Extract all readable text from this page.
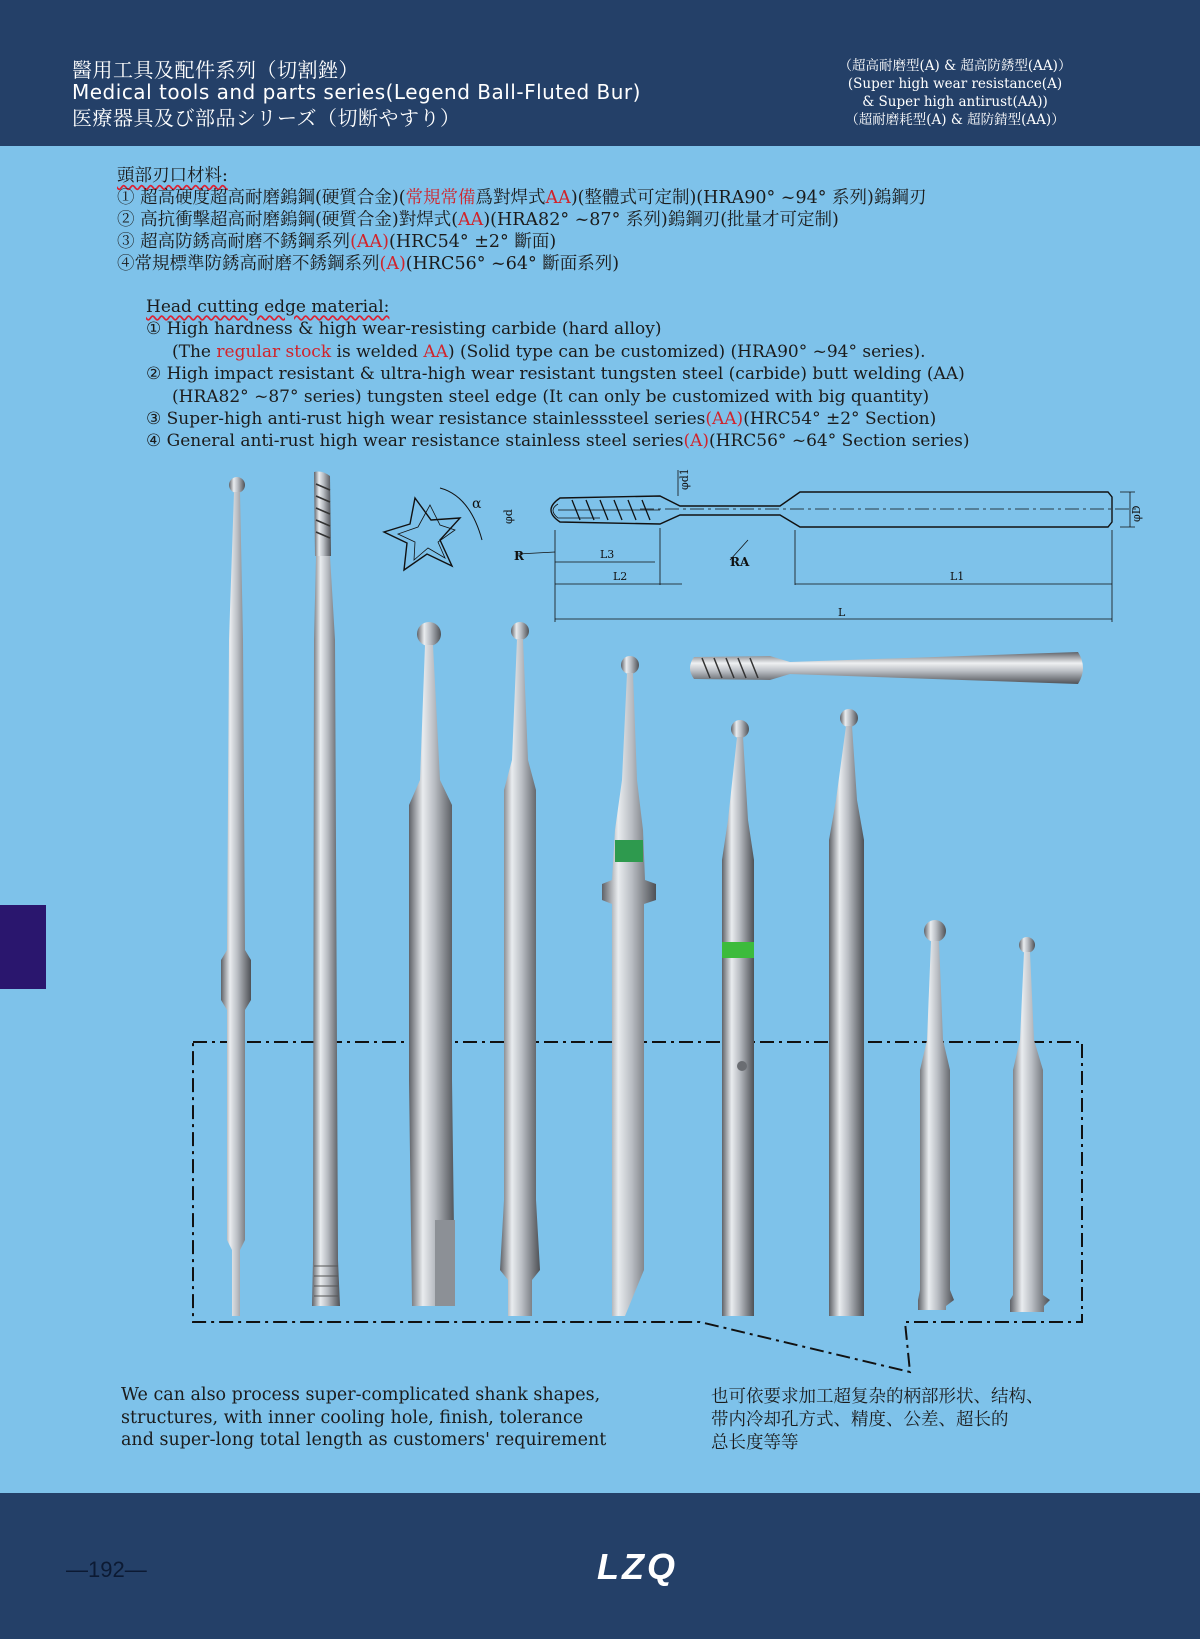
醫用工具及配件系列（切割銼）
Medical tools and parts series(Legend Ball-Fluted Bur)
医療器具及び部品シリーズ（切断やすり）
（超高耐磨型(A) & 超高防銹型(AA)）
(Super high wear resistance(A)
& Super high antirust(AA))
（超耐磨耗型(A) & 超防錆型(AA)）
頭部刃口材料:
① 超高硬度超高耐磨鎢鋼(硬質合金)(常規常備爲對焊式AA)(整體式可定制)(HRA90° ~94° 系列)鎢鋼刃
② 高抗衝擊超高耐磨鎢鋼(硬質合金)對焊式(AA)(HRA82° ~87° 系列)鎢鋼刃(批量才可定制)
③ 超高防銹高耐磨不銹鋼系列(AA)(HRC54° ±2° 斷面)
④常規標準防銹高耐磨不銹鋼系列(A)(HRC56° ~64° 斷面系列)
Head cutting edge material:
① High hardness & high wear-resisting carbide (hard alloy)
(The regular stock is welded AA) (Solid type can be customized) (HRA90° ~94° series).
② High impact resistant & ultra-high wear resistant tungsten steel (carbide) butt welding (AA)
(HRA82° ~87° series) tungsten steel edge (It can only be customized with big quantity)
③ Super-high anti-rust high wear resistance stainlesssteel series(AA)(HRC54° ±2° Section)
④ General anti-rust high wear resistance stainless steel series(A)(HRC56° ~64° Section series)
φd1
φd	φD
α
R	RA
L3
L2	L1
L
We can also process super-complicated shank shapes,
structures, with inner cooling hole, finish, tolerance
and super-long total length as customers' requirement
也可依要求加工超复杂的柄部形状、结构、
带内冷却孔方式、精度、公差、超长的
总长度等等
—192—	LZQ
